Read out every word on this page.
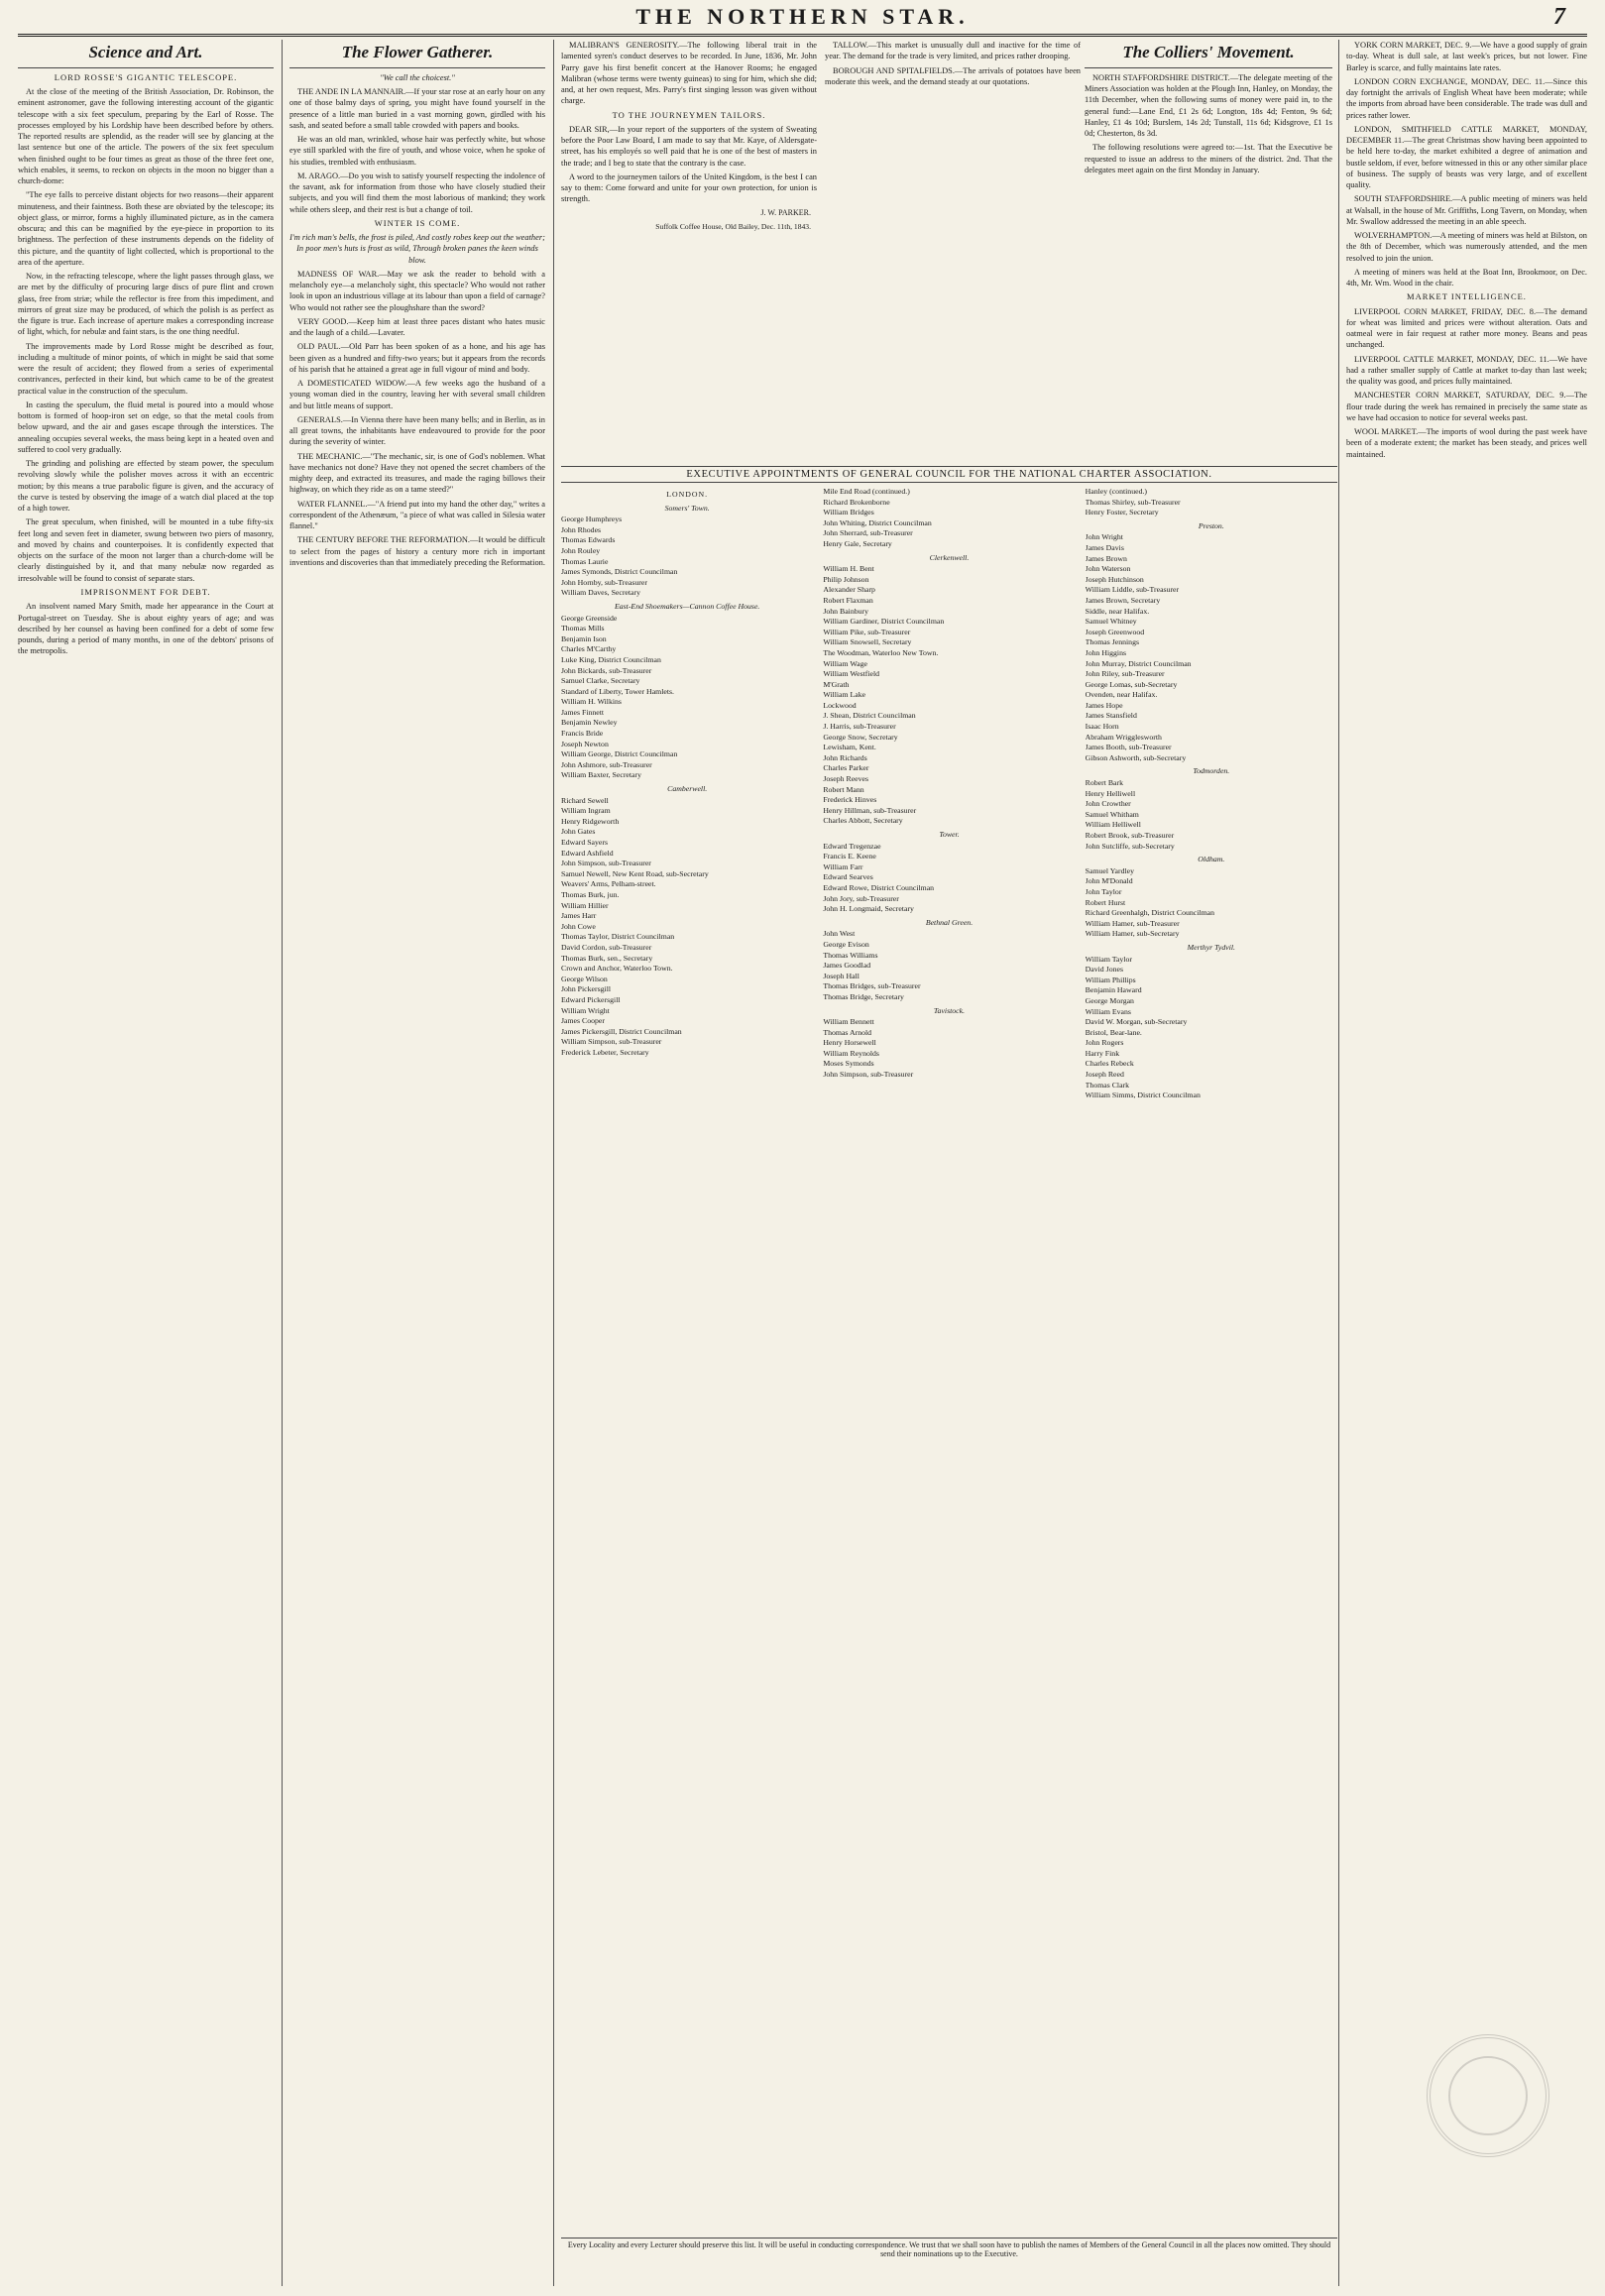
THE NORTHERN STAR.	7
Science and Art.
LORD ROSSE'S GIGANTIC TELESCOPE.

At the close of the meeting of the British Association, Dr. Robinson, the eminent astronomer, gave the following interesting account of the gigantic telescope with a six feet speculum, preparing by the Earl of Rosse. The processes employed by his Lordship have been described before by others. The reported results are splendid, as the reader will see by glancing at the last sentence but one of the article. The powers of the six feet speculum when finished ought to be four times as great as those of the three feet one, which enables, it seems, to reckon on objects in the moon no bigger than a church-dome:

"The eye falls to perceive distant objects for two reasons—their apparent minuteness, and their faintness. Both these are obviated by the telescope; its object glass, or mirror, forms a highly illuminated picture, as in the camera obscura; and this can be magnified by the eye-piece in proportion to its brightness. The perfection of these instruments depends on the fidelity of this picture, and the quantity of light collected, which is proportional to the area of the aperture.

Now, in the refracting telescope, where the light passes through glass, we are met by the difficulty of procuring large discs of pure flint and crown glass, free from striæ; while the reflector is free from this impediment, and mirrors of great size may be produced, of which the polish is as perfect as the figure is true. Each increase of aperture makes a corresponding increase of light, which, for nebulæ and faint stars, is the one thing needful.

The improvements made by Lord Rosse might be described as four, including a multitude of minor points, of which in might be said that some were the result of accident; they flowed from a series of experimental contrivances, perfected in their kind, but which came to be of the greatest practical value in the construction of the speculum.

In casting the speculum, the fluid metal is poured into a mould whose bottom is formed of hoop-iron set on edge, so that the metal cools from below upward, and the air and gases escape through the interstices. The annealing occupies several weeks, the mass being kept in a heated oven and suffered to cool very gradually.

The grinding and polishing are effected by steam power, the speculum revolving slowly while the polisher moves across it with an eccentric motion; by this means a true parabolic figure is given, and the accuracy of the curve is tested by observing the image of a watch dial placed at the top of a high tower.

The great speculum, when finished, will be mounted in a tube fifty-six feet long and seven feet in diameter, swung between two piers of masonry, and moved by chains and counterpoises. It is confidently expected that objects on the surface of the moon not larger than a church-dome will be clearly distinguished by it, and that many nebulæ now regarded as irresolvable will be found to consist of separate stars.

IMPRISONMENT FOR DEBT.

An insolvent named Mary Smith, made her appearance in the Court at Portugal-street on Tuesday. She is about eighty years of age; and was described by her counsel as having been confined for a debt of some few pounds, during a period of many months, in one of the debtors' prisons of the metropolis.

The Flower Gatherer.
"We call the choicest."

THE ANDE IN LA MANNAIR.—If your star rose at an early hour on any one of those balmy days of spring, you might have found yourself in the presence of a little man buried in a vast morning gown, girdled with his sash, and seated before a small table crowded with papers and books.

He was an old man, wrinkled, whose hair was perfectly white, but whose eye still sparkled with the fire of youth, and whose voice, when he spoke of his studies, trembled with enthusiasm.

M. ARAGO.—Do you wish to satisfy yourself respecting the indolence of the savant, ask for information from those who have closely studied their subjects, and you will find them the most laborious of mankind; they work while others sleep, and their rest is but a change of toil.

WINTER IS COME.
I'm rich man's bells, the frost is piled, And costly robes keep out the weather; In poor men's huts is frost as wild, Through broken panes the keen winds blow.

MADNESS OF WAR.—May we ask the reader to behold with a melancholy eye—a melancholy sight, this spectacle? Who would not rather look in upon an industrious village at its labour than upon a field of carnage? Who would not rather see the ploughshare than the sword?

VERY GOOD.—Keep him at least three paces distant who hates music and the laugh of a child.—Lavater.

OLD PAUL.—Old Parr has been spoken of as a hone, and his age has been given as a hundred and fifty-two years; but it appears from the records of his parish that he attained a great age in full vigour of mind and body.

A DOMESTICATED WIDOW.—A few weeks ago the husband of a young woman died in the country, leaving her with several small children and but little means of support.

GENERALS.—In Vienna there have been many bells; and in Berlin, as in all great towns, the inhabitants have endeavoured to provide for the poor during the severity of winter.

THE MECHANIC.—"The mechanic, sir, is one of God's noblemen. What have mechanics not done? Have they not opened the secret chambers of the mighty deep, and extracted its treasures, and made the raging billows their highway, on which they ride as on a tame steed?"

WATER FLANNEL.—"A friend put into my hand the other day," writes a correspondent of the Athenæum, "a piece of what was called in Silesia water flannel."

THE CENTURY BEFORE THE REFORMATION.—It would be difficult to select from the pages of history a century more rich in important inventions and discoveries than that immediately preceding the Reformation.

MALIBRAN'S GENEROSITY.—The following liberal trait in the lamented syren's conduct deserves to be recorded. In June, 1836, Mr. John Parry gave his first benefit concert at the Hanover Rooms; he engaged Malibran (whose terms were twenty guineas) to sing for him, which she did; and, at her own request, Mrs. Parry's first singing lesson was given without charge.

TO THE JOURNEYMEN TAILORS.

DEAR SIR,—In your report of the supporters of the system of Sweating before the Poor Law Board, I am made to say that Mr. Kaye, of Aldersgate-street, has his employés so well paid that he is one of the best of masters in the trade; and I beg to state that the contrary is the case.

A word to the journeymen tailors of the United Kingdom, is the best I can say to them: Come forward and unite for your own protection, for union is strength.

J. W. PARKER.
Suffolk Coffee House, Old Bailey, Dec. 11th, 1843.

TALLOW.—This market is unusually dull and inactive for the time of year. The demand for the trade is very limited, and prices rather drooping.

BOROUGH AND SPITALFIELDS.—The arrivals of potatoes have been moderate this week, and the demand steady at our quotations.

The Colliers' Movement.

NORTH STAFFORDSHIRE DISTRICT.—The delegate meeting of the Miners Association was holden at the Plough Inn, Hanley, on Monday, the 11th December, when the following sums of money were paid in, to the general fund:—Lane End, £1 2s 6d; Longton, 18s 4d; Fenton, 9s 6d; Hanley, £1 4s 10d; Burslem, 14s 2d; Tunstall, 11s 6d; Kidsgrove, £1 1s 0d; Chesterton, 8s 3d.

The following resolutions were agreed to:—1st. That the Executive be requested to issue an address to the miners of the district. 2nd. That the delegates meet again on the first Monday in January.

EXECUTIVE APPOINTMENTS OF GENERAL COUNCIL FOR THE NATIONAL CHARTER ASSOCIATION.
LONDON.
Somers' Town.
George Humphreys
John Rhodes
Thomas Edwards
John Rouley
Thomas Laurie
James Symonds, District Councilman
John Hornby, sub-Treasurer
William Daves, Secretary
East-End Shoemakers—Cannon Coffee House.
George Greenside
Thomas Mills
Benjamin Ison
Charles M'Carthy
Luke King, District Councilman
John Bickards, sub-Treasurer
Samuel Clarke, Secretary
Standard of Liberty, Tower Hamlets.
William H. Wilkins
James Finnett
Benjamin Newley
Francis Bride
Joseph Newton
William George, District Councilman
John Ashmore, sub-Treasurer
William Baxter, Secretary
Camberwell.
Richard Sewell
William Ingram
Henry Ridgeworth
John Gates
Edward Sayers
Edward Ashfield
John Simpson, sub-Treasurer
Samuel Newell, New Kent Road, sub-Secretary
Weavers' Arms, Pelham-street.
Thomas Burk, jun.
William Hillier
James Harr
John Cowe
Thomas Taylor, District Councilman
David Cordon, sub-Treasurer
Thomas Burk, sen., Secretary
Crown and Anchor, Waterloo Town.
George Wilson
John Pickersgill
Edward Pickersgill
William Wright
James Cooper
James Pickersgill, District Councilman
William Simpson, sub-Treasurer
Frederick Lebeter, Secretary
Mile End Road (continued.)
Richard Brokenborne
William Bridges
John Whiting, District Councilman
John Sherrard, sub-Treasurer
Henry Gale, Secretary
Clerkenwell.
William H. Bent
Philip Johnson
Alexander Sharp
Robert Flaxman
John Bainbury
William Gardiner, District Councilman
William Pike, sub-Treasurer
William Snowsell, Secretary
The Woodman, Waterloo New Town.
William Wage
William Westfield
M'Grath
William Lake
Lockwood
J. Shean, District Councilman
J. Harris, sub-Treasurer
George Snow, Secretary
Lewisham, Kent.
John Richards
Charles Parker
Joseph Reeves
Robert Mann
Frederick Hinves
Henry Hillman, sub-Treasurer
Charles Abbott, Secretary
Tower.
Edward Tregenzae
Francis E. Keene
William Farr
Edward Searves
Edward Rowe, District Councilman
John Jory, sub-Treasurer
John H. Longmaid, Secretary
Bethnal Green.
John West
George Evison
Thomas Williams
James Goodlad
Joseph Hall
Thomas Bridges, sub-Treasurer
Thomas Bridge, Secretary
Tavistock.
William Bennett
Thomas Arnold
Henry Horsewell
William Reynolds
Moses Symonds
John Simpson, sub-Treasurer
Hanley (continued.)
Thomas Shirley, sub-Treasurer
Henry Foster, Secretary
Preston.
John Wright
James Davis
James Brown
John Waterson
Joseph Hutchinson
William Liddle, sub-Treasurer
James Brown, Secretary
Siddle, near Halifax.
Samuel Whitney
Joseph Greenwood
Thomas Jennings
John Higgins
John Murray, District Councilman
John Riley, sub-Treasurer
George Lomas, sub-Secretary
Ovenden, near Halifax.
James Hope
James Stansfield
Isaac Horn
Abraham Wrigglesworth
James Booth, sub-Treasurer
Gibson Ashworth, sub-Secretary
Todmorden.
Robert Bark
Henry Helliwell
John Crowther
Samuel Whitham
William Helliwell
Robert Brook, sub-Treasurer
John Sutcliffe, sub-Secretary
Oldham.
Samuel Yardley
John M'Donald
John Taylor
Robert Hurst
Richard Greenhalgh, District Councilman
William Hamer, sub-Treasurer
William Hamer, sub-Secretary
Merthyr Tydvil.
William Taylor
David Jones
William Phillips
Benjamin Haward
George Morgan
William Evans
David W. Morgan, sub-Secretary
Bristol, Bear-lane.
John Rogers
Harry Fink
Charles Rebeck
Joseph Reed
Thomas Clark
William Simms, District Councilman
Every Locality and every Lecturer should preserve this list. It will be useful in conducting correspondence. We trust that we shall soon have to publish the names of Members of the General Council in all the places now omitted. They should send their nominations up to the Executive.

YORK CORN MARKET, DEC. 9.—We have a good supply of grain to-day. Wheat is dull sale, at last week's prices, but not lower. Fine Barley is scarce, and fully maintains late rates.

LONDON CORN EXCHANGE, MONDAY, DEC. 11.—Since this day fortnight the arrivals of English Wheat have been moderate; while the imports from abroad have been considerable. The trade was dull and prices rather lower.

LONDON, SMITHFIELD CATTLE MARKET, MONDAY, DECEMBER 11.—The great Christmas show having been appointed to be held here to-day, the market exhibited a degree of animation and bustle seldom, if ever, before witnessed in this or any other similar place of business. The supply of beasts was very large, and of excellent quality.

SOUTH STAFFORDSHIRE.—A public meeting of miners was held at Walsall, in the house of Mr. Griffiths, Long Tavern, on Monday, when Mr. Swallow addressed the meeting in an able speech.

WOLVERHAMPTON.—A meeting of miners was held at Bilston, on the 8th of December, which was numerously attended, and the men resolved to join the union.

A meeting of miners was held at the Boat Inn, Brookmoor, on Dec. 4th, Mr. Wm. Wood in the chair.

MARKET INTELLIGENCE.

LIVERPOOL CORN MARKET, FRIDAY, DEC. 8.—The demand for wheat was limited and prices were without alteration. Oats and oatmeal were in fair request at rather more money. Beans and peas unchanged.

LIVERPOOL CATTLE MARKET, MONDAY, DEC. 11.—We have had a rather smaller supply of Cattle at market to-day than last week; the quality was good, and prices fully maintained.

MANCHESTER CORN MARKET, SATURDAY, DEC. 9.—The flour trade during the week has remained in precisely the same state as we have had occasion to notice for several weeks past.

WOOL MARKET.—The imports of wool during the past week have been of a moderate extent; the market has been steady, and prices well maintained.
